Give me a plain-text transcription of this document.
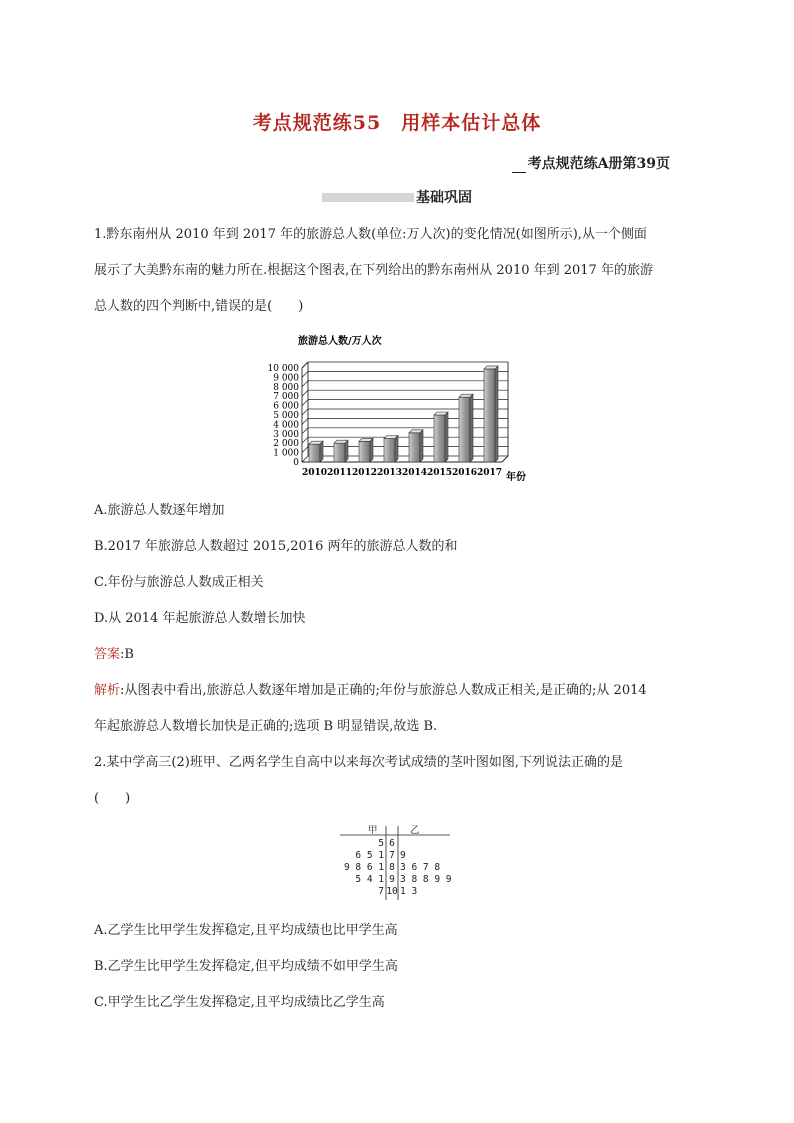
考点规范练55　用样本估计总体
考点规范练A册第39页
基础巩固
1.黔东南州从 2010 年到 2017 年的旅游总人数(单位:万人次)的变化情况(如图所示),从一个侧面
展示了大美黔东南的魅力所在.根据这个图表,在下列给出的黔东南州从 2010 年到 2017 年的旅游
总人数的四个判断中,错误的是(　　)
旅游总人数/万人次
0
1 000
2 000
3 000
4 000
5 000
6 000
7 000
8 000
9 000
10 000
2010 2011 2012 2013 2014 2015 2016 2017 年份
A.旅游总人数逐年增加
B.2017 年旅游总人数超过 2015,2016 两年的旅游总人数的和
C.年份与旅游总人数成正相关
D.从 2014 年起旅游总人数增长加快
答案:B
解析:从图表中看出,旅游总人数逐年增加是正确的;年份与旅游总人数成正相关,是正确的;从 2014
年起旅游总人数增长加快是正确的;选项 B 明显错误,故选 B.
2.某中学高三(2)班甲、乙两名学生自高中以来每次考试成绩的茎叶图如图,下列说法正确的是
(　　)
甲	乙
5 6
6 5 1 7 9
9 8 6 1 8 3 6 7 8
5 4 1 9 3 8 8 9 9
7 10 1 3
A.乙学生比甲学生发挥稳定,且平均成绩也比甲学生高
B.乙学生比甲学生发挥稳定,但平均成绩不如甲学生高
C.甲学生比乙学生发挥稳定,且平均成绩比乙学生高
